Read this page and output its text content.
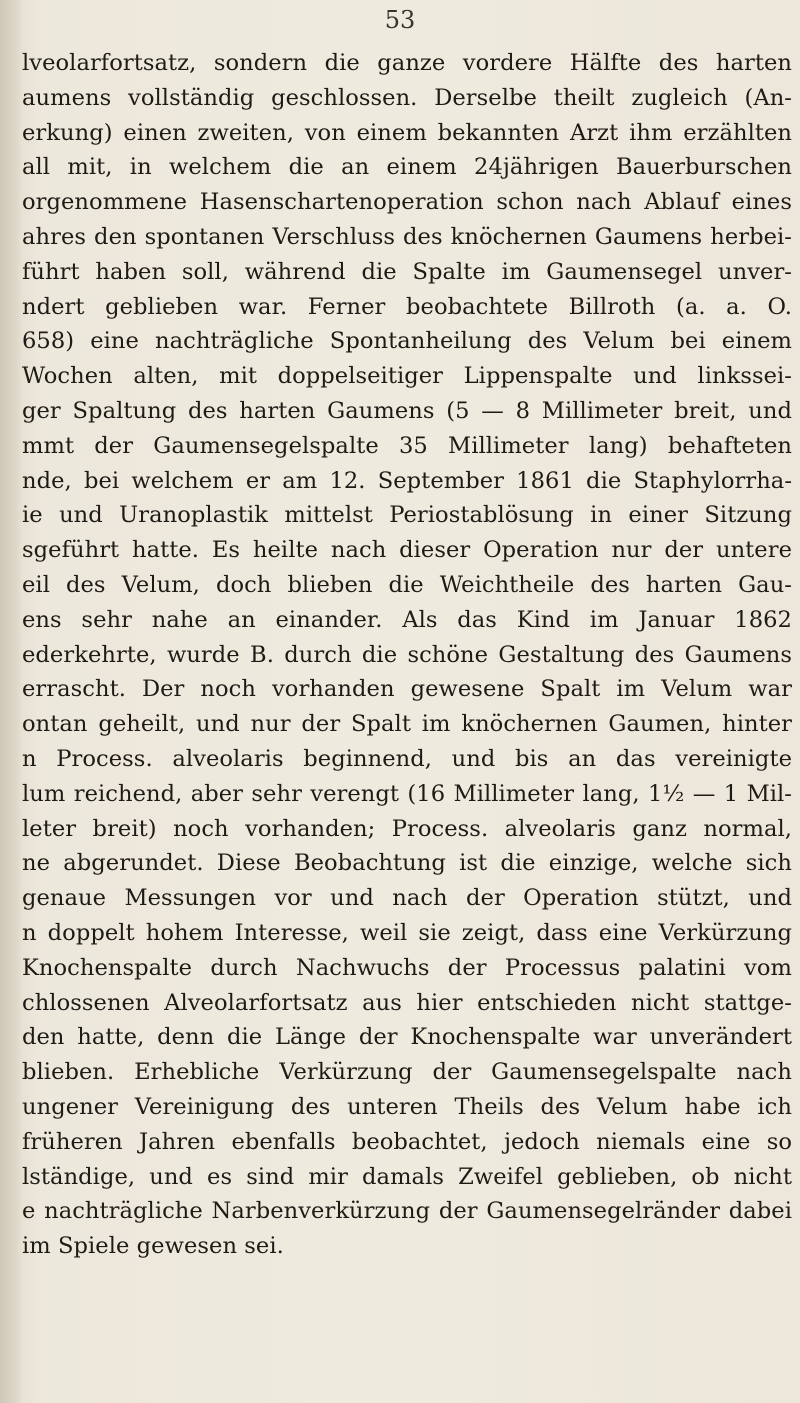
53
lveolarfortsatz, sondern die ganze vordere Hälfte des harten
aumens vollständig geschlossen. Derselbe theilt zugleich (An-
erkung) einen zweiten, von einem bekannten Arzt ihm erzählten
all mit, in welchem die an einem 24jährigen Bauerburschen
orgenommene Hasenschartenoperation schon nach Ablauf eines
ahres den spontanen Verschluss des knöchernen Gaumens herbei-
führt haben soll, während die Spalte im Gaumensegel unver-
ndert geblieben war. Ferner beobachtete Billroth (a. a. O.
658) eine nachträgliche Spontanheilung des Velum bei einem
Wochen alten, mit doppelseitiger Lippenspalte und linkssei-
ger Spaltung des harten Gaumens (5 — 8 Millimeter breit, und
mmt der Gaumensegelspalte 35 Millimeter lang) behafteten
nde, bei welchem er am 12. September 1861 die Staphylorrha-
ie und Uranoplastik mittelst Periostablösung in einer Sitzung
sgeführt hatte. Es heilte nach dieser Operation nur der untere
eil des Velum, doch blieben die Weichtheile des harten Gau-
ens sehr nahe an einander. Als das Kind im Januar 1862
ederkehrte, wurde B. durch die schöne Gestaltung des Gaumens
errascht. Der noch vorhanden gewesene Spalt im Velum war
ontan geheilt, und nur der Spalt im knöchernen Gaumen, hinter
n Process. alveolaris beginnend, und bis an das vereinigte
lum reichend, aber sehr verengt (16 Millimeter lang, 1½ — 1 Mil-
leter breit) noch vorhanden; Process. alveolaris ganz normal,
ne abgerundet. Diese Beobachtung ist die einzige, welche sich
genaue Messungen vor und nach der Operation stützt, und
n doppelt hohem Interesse, weil sie zeigt, dass eine Verkürzung
Knochenspalte durch Nachwuchs der Processus palatini vom
chlossenen Alveolarfortsatz aus hier entschieden nicht stattge-
den hatte, denn die Länge der Knochenspalte war unverändert
blieben. Erhebliche Verkürzung der Gaumensegelspalte nach
ungener Vereinigung des unteren Theils des Velum habe ich
früheren Jahren ebenfalls beobachtet, jedoch niemals eine so
lständige, und es sind mir damals Zweifel geblieben, ob nicht
e nachträgliche Narbenverkürzung der Gaumensegelränder dabei
im Spiele gewesen sei.
